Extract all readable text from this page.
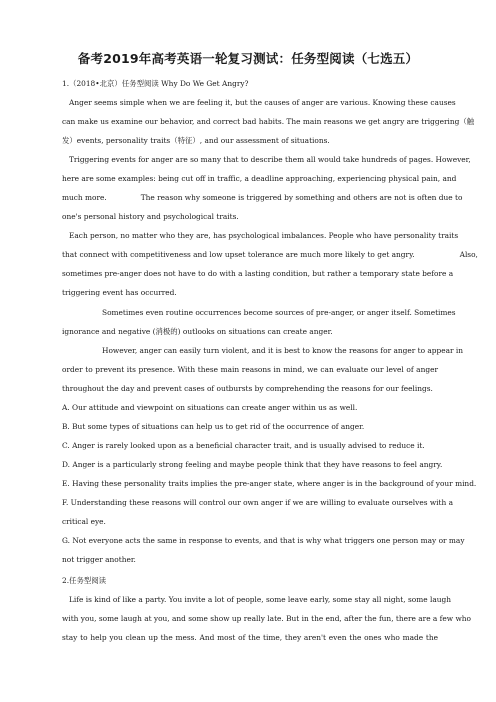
备考2019年高考英语一轮复习测试：任务型阅读（七选五）
1.（2018•北京）任务型阅读 Why Do We Get Angry?
Anger seems simple when we are feeling it, but the causes of anger are various. Knowing these causes
can make us examine our behavior, and correct bad habits. The main reasons we get angry are triggering（触
发）events, personality traits（特征）, and our assessment of situations.
Triggering events for anger are so many that to describe them all would take hundreds of pages. However,
here are some examples: being cut off in traffic, a deadline approaching, experiencing physical pain, and
much more.	The reason why someone is triggered by something and others are not is often due to
one's personal history and psychological traits.
Each person, no matter who they are, has psychological imbalances. People who have personality traits
that connect with competitiveness and low upset tolerance are much more likely to get angry.	Also,
sometimes pre-anger does not have to do with a lasting condition, but rather a temporary state before a
triggering event has occurred.
Sometimes even routine occurrences become sources of pre-anger, or anger itself. Sometimes
ignorance and negative (消极的) outlooks on situations can create anger.
However, anger can easily turn violent, and it is best to know the reasons for anger to appear in
order to prevent its presence. With these main reasons in mind, we can evaluate our level of anger
throughout the day and prevent cases of outbursts by comprehending the reasons for our feelings.
A. Our attitude and viewpoint on situations can create anger within us as well.
B. But some types of situations can help us to get rid of the occurrence of anger.
C. Anger is rarely looked upon as a beneficial character trait, and is usually advised to reduce it.
D. Anger is a particularly strong feeling and maybe people think that they have reasons to feel angry.
E. Having these personality traits implies the pre-anger state, where anger is in the background of your mind.
F. Understanding these reasons will control our own anger if we are willing to evaluate ourselves with a
critical eye.
G. Not everyone acts the same in response to events, and that is why what triggers one person may or may
not trigger another.
2.任务型阅读
Life is kind of like a party. You invite a lot of people, some leave early, some stay all night, some laugh
with you, some laugh at you, and some show up really late. But in the end, after the fun, there are a few who
stay to help you clean up the mess. And most of the time, they aren't even the ones who made the
